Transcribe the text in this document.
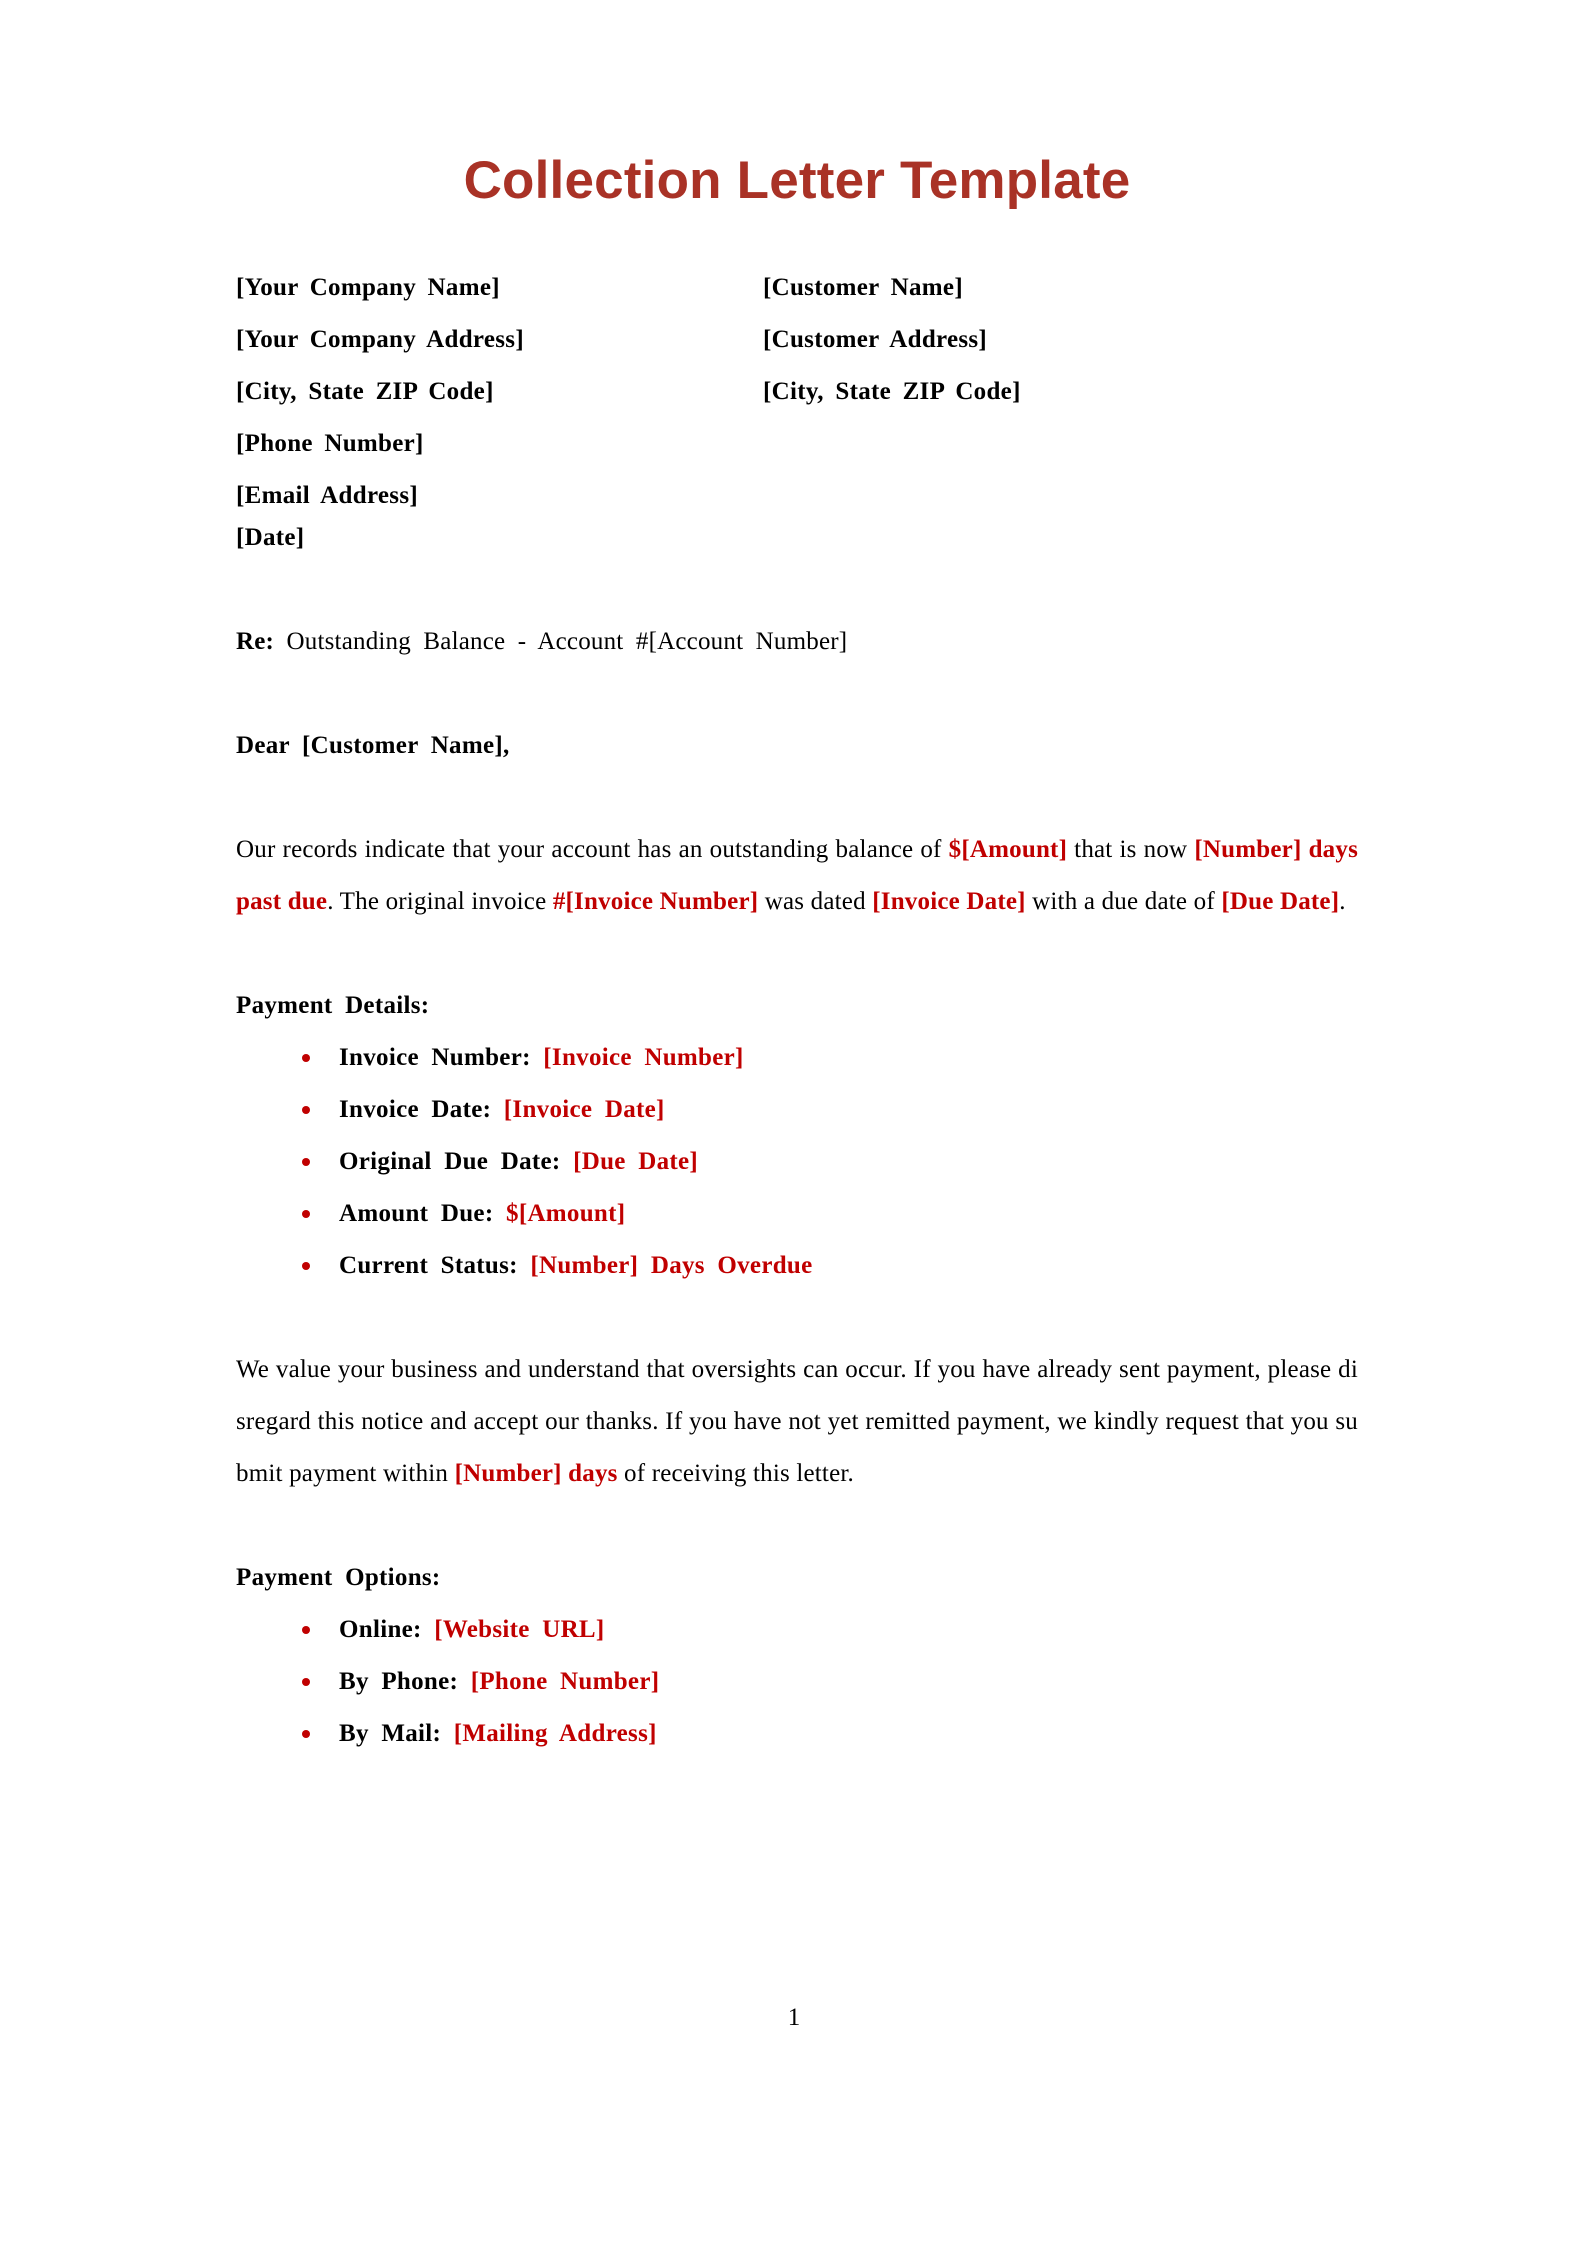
Collection Letter Template
[Your Company Name]
[Your Company Address]
[City, State ZIP Code]
[Phone Number]
[Email Address]
[Customer Name]
[Customer Address]
[City, State ZIP Code]
[Date]
Re: Outstanding Balance - Account #[Account Number]
Dear [Customer Name],

Our records indicate that your account has an outstanding balance of $[Amount] that is now [Number] days past due. The original invoice #[Invoice Number] was dated [Invoice Date] with a due date of [Due Date].

Payment Details:
Invoice Number: [Invoice Number]
Invoice Date: [Invoice Date]
Original Due Date: [Due Date]
Amount Due: $[Amount]
Current Status: [Number] Days Overdue

We value your business and understand that oversights can occur. If you have already sent payment, please disregard this notice and accept our thanks. If you have not yet remitted payment, we kindly request that you submit payment within [Number] days of receiving this letter.

Payment Options:
Online: [Website URL]
By Phone: [Phone Number]
By Mail: [Mailing Address]
1
